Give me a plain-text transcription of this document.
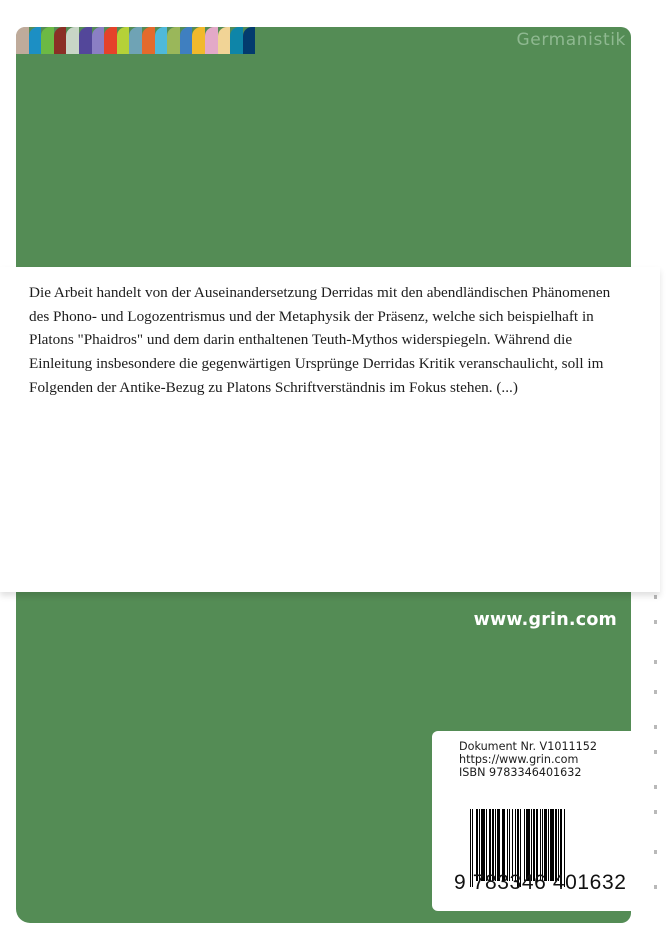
Germanistik

Die Arbeit handelt von der Auseinandersetzung Derridas mit den abendländischen Phänomenen des Phono- und Logozentrismus und der Metaphysik der Präsenz, welche sich beispielhaft in Platons "Phaidros" und dem darin enthaltenen Teuth-Mythos widerspiegeln. Während die Einleitung insbesondere die gegenwärtigen Ursprünge Derridas Kritik veranschaulicht, soll im Folgenden der Antike-Bezug zu Platons Schriftverständnis im Fokus stehen. (...)

www.grin.com
Dokument Nr. V1011152
https://www.grin.com
ISBN 9783346401632
9 783346 401632
